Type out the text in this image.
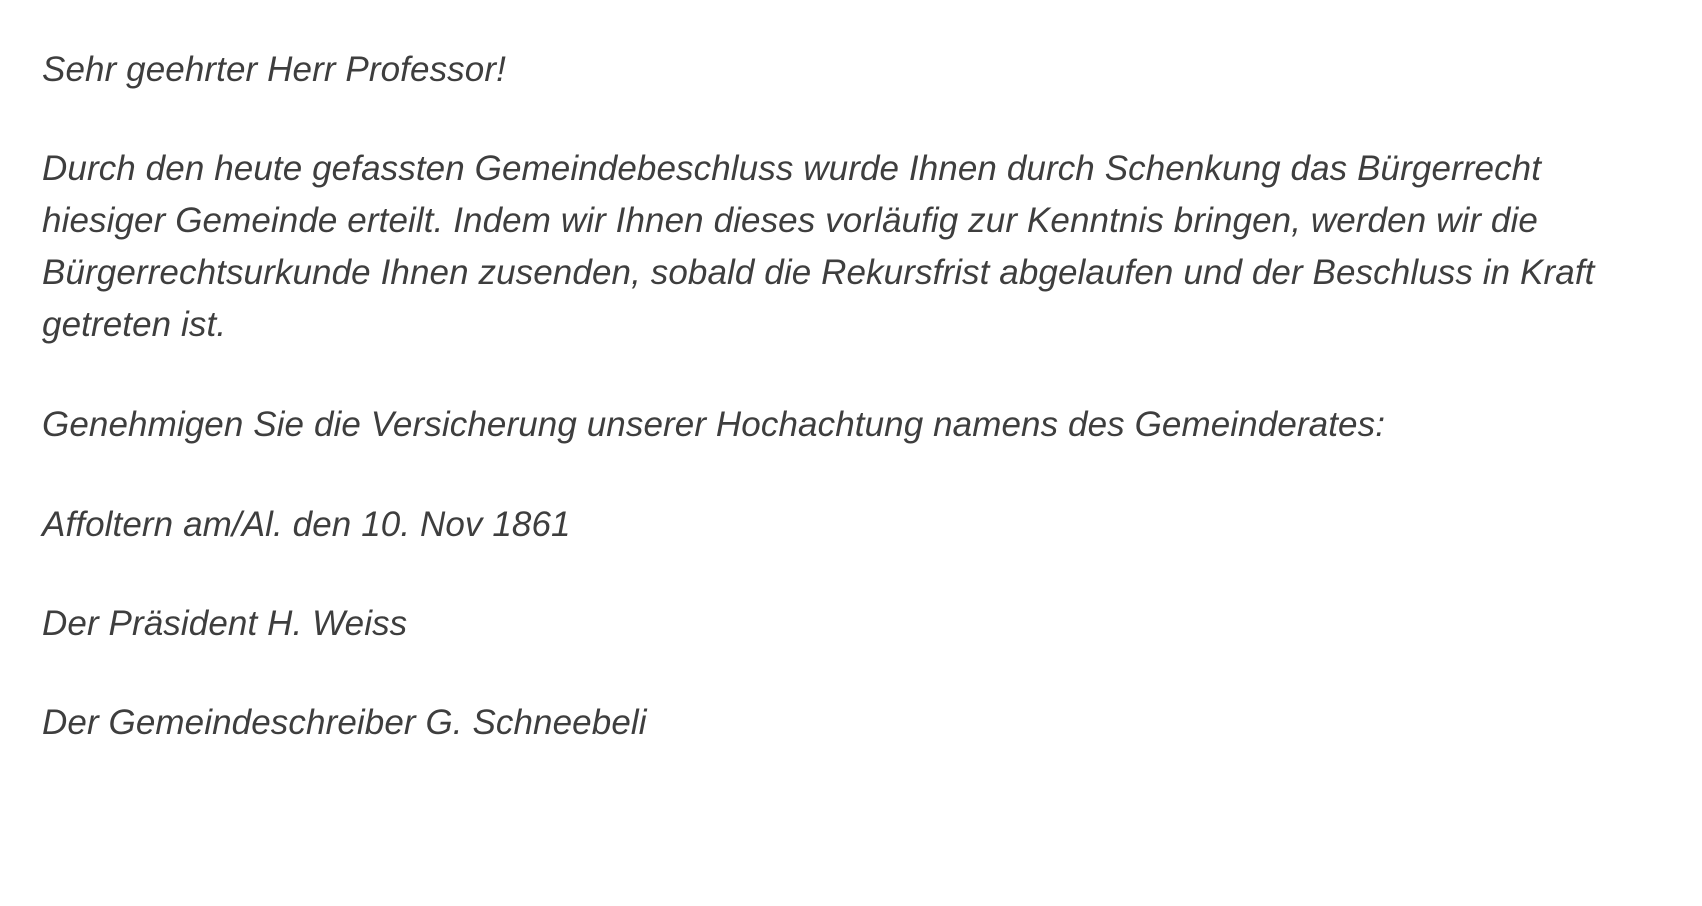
Sehr geehrter Herr Professor!

Durch den heute gefassten Gemeindebeschluss wurde Ihnen durch Schenkung das Bürgerrecht hiesiger Gemeinde erteilt. Indem wir Ihnen dieses vorläufig zur Kenntnis bringen, werden wir die Bürgerrechtsurkunde Ihnen zusenden, sobald die Rekursfrist abgelaufen und der Beschluss in Kraft getreten ist.

Genehmigen Sie die Versicherung unserer Hochachtung namens des Gemeinderates:

Affoltern am/Al. den 10. Nov 1861

Der Präsident H. Weiss

Der Gemeindeschreiber G. Schneebeli
